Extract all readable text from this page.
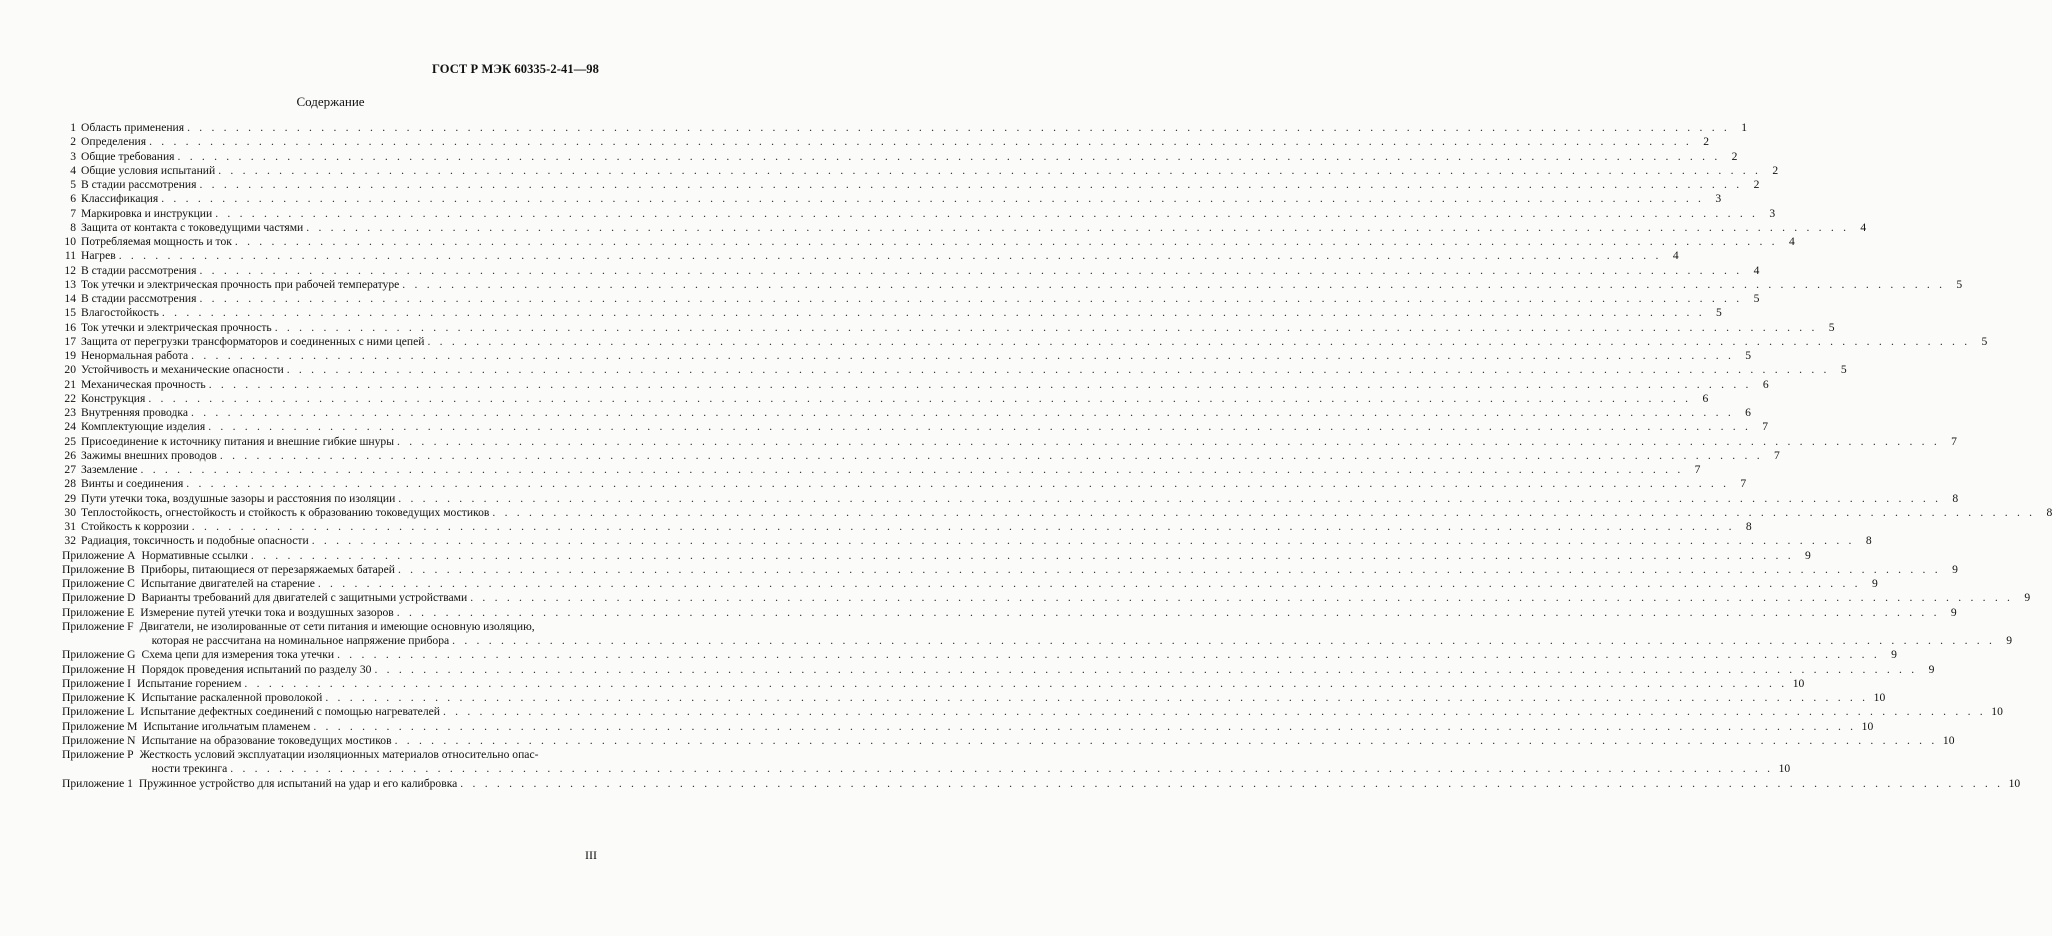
ГОСТ Р МЭК 60335-2-41—98
Содержание
1 Область применения . . .	1
2 Определения . . .	2
3 Общие требования . . .	2
4 Общие условия испытаний . . .	2
5 В стадии рассмотрения . . .	2
6 Классификация . . .	3
7 Маркировка и инструкции . . .	3
8 Защита от контакта с токоведущими частями . . .	4
10 Потребляемая мощность и ток . . .	4
11 Нагрев . . .	4
12 В стадии рассмотрения . . .	4
13 Ток утечки и электрическая прочность при рабочей температуре . . .	5
14 В стадии рассмотрения . . .	5
15 Влагостойкость . . .	5
16 Ток утечки и электрическая прочность . . .	5
17 Защита от перегрузки трансформаторов и соединенных с ними цепей . . .	5
19 Ненормальная работа . . .	5
20 Устойчивость и механические опасности . . .	5
21 Механическая прочность . . .	6
22 Конструкция . . .	6
23 Внутренняя проводка . . .	6
24 Комплектующие изделия . . .	7
25 Присоединение к источнику питания и внешние гибкие шнуры . . .	7
26 Зажимы внешних проводов . . .	7
27 Заземление . . .	7
28 Винты и соединения . . .	7
29 Пути утечки тока, воздушные зазоры и расстояния по изоляции . . .	8
30 Теплостойкость, огнестойкость и стойкость к образованию токоведущих мостиков . . .	8
31 Стойкость к коррозии . . .	8
32 Радиация, токсичность и подобные опасности . . .	8
Приложение A Нормативные ссылки . . .	9
Приложение B Приборы, питающиеся от перезаряжаемых батарей . . .	9
Приложение C Испытание двигателей на старение . . .	9
Приложение D Варианты требований для двигателей с защитными устройствами . . .	9
Приложение E Измерение путей утечки тока и воздушных зазоров . . .	9
Приложение F Двигатели, не изолированные от сети питания и имеющие основную изоляцию,
которая не рассчитана на номинальное напряжение прибора . . .	9
Приложение G Схема цепи для измерения тока утечки . . .	9
Приложение H Порядок проведения испытаний по разделу 30 . . .	9
Приложение I Испытание горением . . .	10
Приложение K Испытание раскаленной проволокой . . .	10
Приложение L Испытание дефектных соединений с помощью нагревателей . . .	10
Приложение M Испытание игольчатым пламенем . . .	10
Приложение N Испытание на образование токоведущих мостиков . . .	10
Приложение P Жесткость условий эксплуатации изоляционных материалов относительно опас-
ности трекинга . . .	10
Приложение 1 Пружинное устройство для испытаний на удар и его калибровка . . .	10
III
